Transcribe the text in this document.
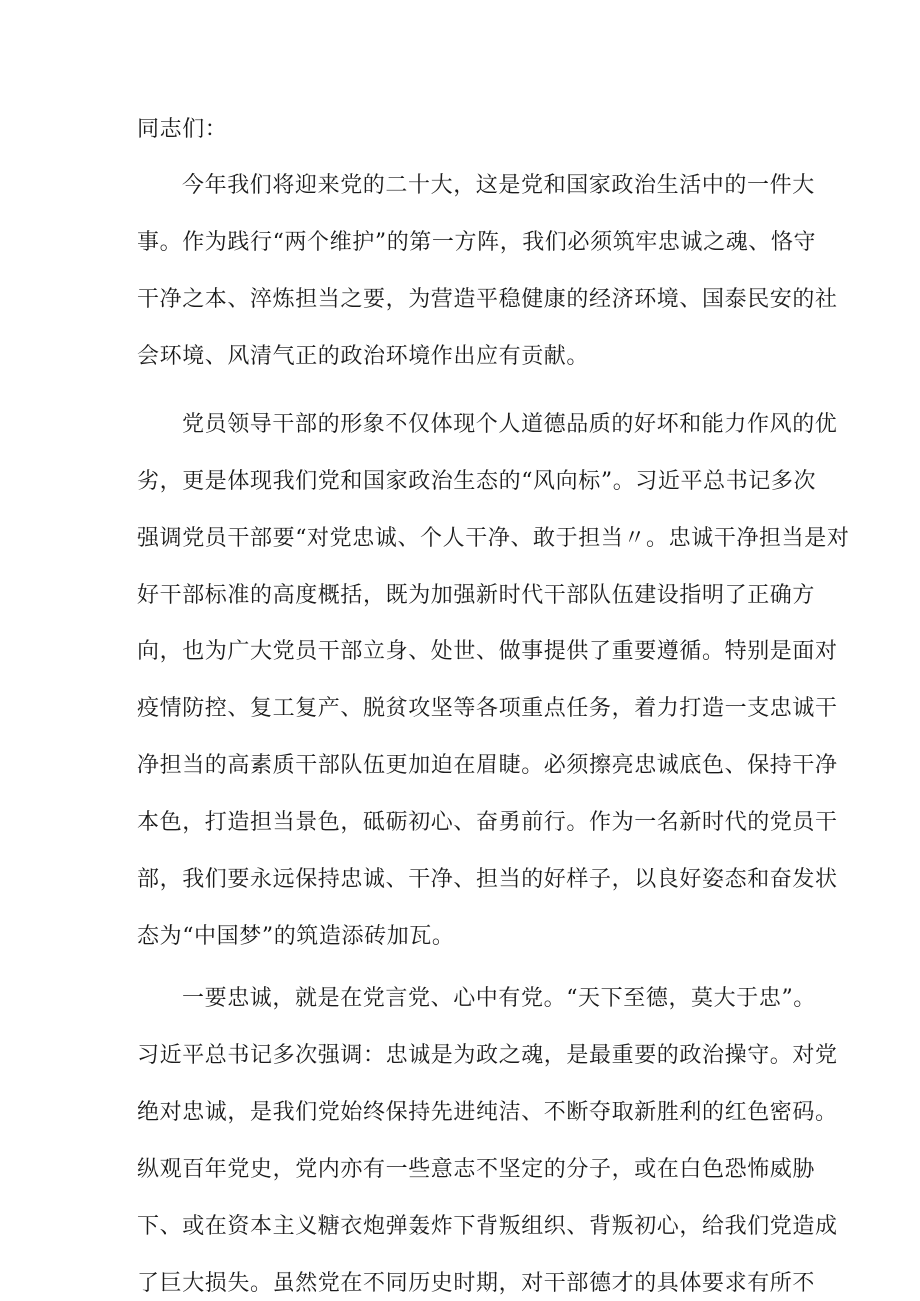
同志们：
今年我们将迎来党的二十大，这是党和国家政治生活中的一件大
事。作为践行“两个维护”的第一方阵，我们必须筑牢忠诚之魂、恪守
干净之本、淬炼担当之要，为营造平稳健康的经济环境、国泰民安的社
会环境、风清气正的政治环境作出应有贡献。
党员领导干部的形象不仅体现个人道德品质的好坏和能力作风的优
劣，更是体现我们党和国家政治生态的“风向标”。习近平总书记多次
强调党员干部要“对党忠诚、个人干净、敢于担当〃。忠诚干净担当是对
好干部标准的高度概括，既为加强新时代干部队伍建设指明了正确方
向，也为广大党员干部立身、处世、做事提供了重要遵循。特别是面对
疫情防控、复工复产、脱贫攻坚等各项重点任务，着力打造一支忠诚干
净担当的高素质干部队伍更加迫在眉睫。必须擦亮忠诚底色、保持干净
本色，打造担当景色，砥砺初心、奋勇前行。作为一名新时代的党员干
部，我们要永远保持忠诚、干净、担当的好样子，以良好姿态和奋发状
态为“中国梦”的筑造添砖加瓦。
一要忠诚，就是在党言党、心中有党。“天下至德，莫大于忠”。
习近平总书记多次强调：忠诚是为政之魂，是最重要的政治操守。对党
绝对忠诚，是我们党始终保持先进纯洁、不断夺取新胜利的红色密码。
纵观百年党史，党内亦有一些意志不坚定的分子，或在白色恐怖威胁
下、或在资本主义糖衣炮弹轰炸下背叛组织、背叛初心，给我们党造成
了巨大损失。虽然党在不同历史时期，对干部德才的具体要求有所不
